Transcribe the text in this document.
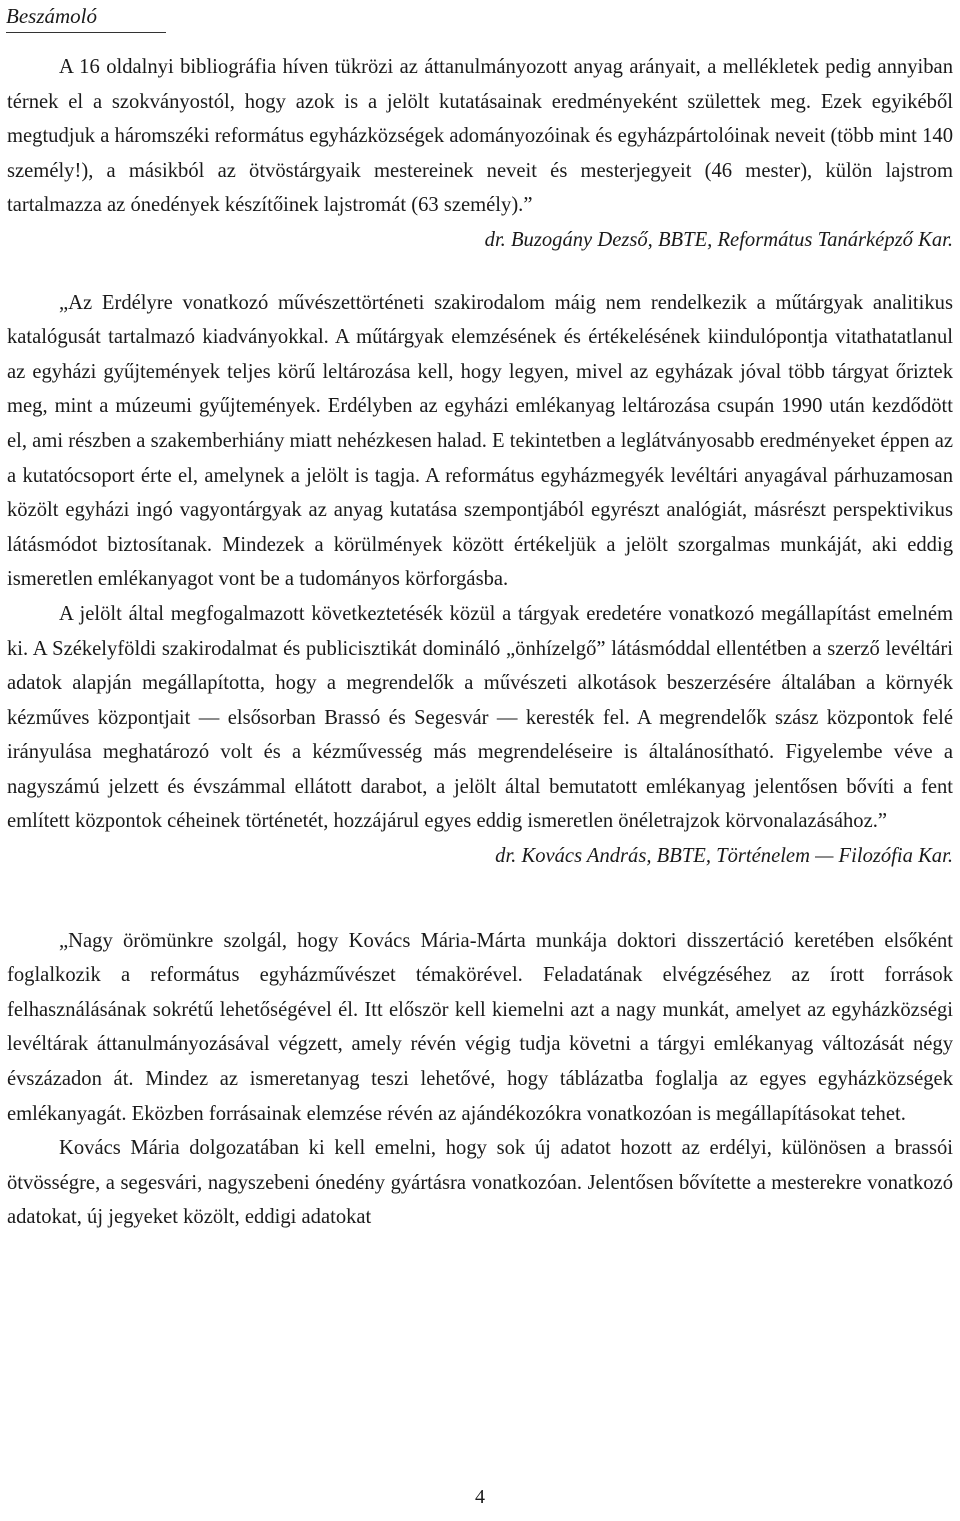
Beszámoló

A 16 oldalnyi bibliográfia híven tükrözi az áttanulmányozott anyag arányait, a mellékletek pedig annyiban térnek el a szokványostól, hogy azok is a jelölt kutatásainak eredményeként születtek meg. Ezek egyikéből megtudjuk a háromszéki református egyházközségek adományozóinak és egyházpártolóinak neveit (több mint 140 személy!), a másikból az ötvöstárgyaik mestereinek neveit és mesterjegyeit (46 mester), külön lajstrom tartalmazza az ónedények készítőinek lajstromát (63 személy).”

dr. Buzogány Dezső, BBTE, Református Tanárképző Kar.

„Az Erdélyre vonatkozó művészettörténeti szakirodalom máig nem rendelkezik a műtárgyak analitikus katalógusát tartalmazó kiadványokkal. A műtárgyak elemzésének és értékelésének kiindulópontja vitathatatlanul az egyházi gyűjtemények teljes körű leltározása kell, hogy legyen, mivel az egyházak jóval több tárgyat őriztek meg, mint a múzeumi gyűjtemények. Erdélyben az egyházi emlékanyag leltározása csupán 1990 után kezdődött el, ami részben a szakemberhiány miatt nehézkesen halad. E tekintetben a leglátványosabb eredményeket éppen az a kutatócsoport érte el, amelynek a jelölt is tagja. A református egyházmegyék levéltári anyagával párhuzamosan közölt egyházi ingó vagyontárgyak az anyag kutatása szempontjából egyrészt analógiát, másrészt perspektivikus látásmódot biztosítanak. Mindezek a körülmények között értékeljük a jelölt szorgalmas munkáját, aki eddig ismeretlen emlékanyagot vont be a tudományos körforgásba.

A jelölt által megfogalmazott következtetésék közül a tárgyak eredetére vonatkozó megállapítást emelném ki. A Székelyföldi szakirodalmat és publicisztikát domináló „önhízelgő” látásmóddal ellentétben a szerző levéltári adatok alapján megállapította, hogy a megrendelők a művészeti alkotások beszerzésére általában a környék kézműves központjait — elsősorban Brassó és Segesvár — keresték fel. A megrendelők szász központok felé irányulása meghatározó volt és a kézművesség más megrendeléseire is általánosítható. Figyelembe véve a nagyszámú jelzett és évszámmal ellátott darabot, a jelölt által bemutatott emlékanyag jelentősen bővíti a fent említett központok céheinek történetét, hozzájárul egyes eddig ismeretlen önéletrajzok körvonalazásához.”

dr. Kovács András, BBTE, Történelem — Filozófia Kar.

„Nagy örömünkre szolgál, hogy Kovács Mária-Márta munkája doktori disszertáció keretében elsőként foglalkozik a református egyházművészet témakörével. Feladatának elvégzéséhez az írott források felhasználásának sokrétű lehetőségével él. Itt először kell kiemelni azt a nagy munkát, amelyet az egyházközségi levéltárak áttanulmányozásával végzett, amely révén végig tudja követni a tárgyi emlékanyag változását négy évszázadon át. Mindez az ismeretanyag teszi lehetővé, hogy táblázatba foglalja az egyes egyházközségek emlékanyagát. Eközben forrásainak elemzése révén az ajándékozókra vonatkozóan is megállapításokat tehet.

Kovács Mária dolgozatában ki kell emelni, hogy sok új adatot hozott az erdélyi, különösen a brassói ötvösségre, a segesvári, nagyszebeni ónedény gyártásra vonatkozóan. Jelentősen bővítette a mesterekre vonatkozó adatokat, új jegyeket közölt, eddigi adatokat

4
